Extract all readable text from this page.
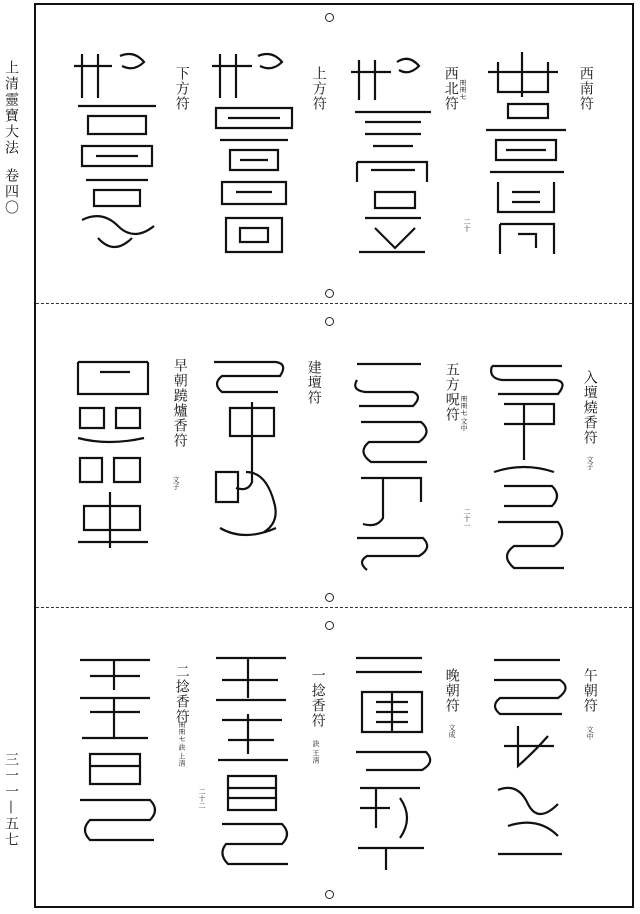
上清靈寶大法
卷四〇
三一一—五七
西南符
西北符 𠕁𠕁七
二十
上方符
下方符
入壇燒香符
文子
五方呪符 𠕁𠕁七 文中
二十一
建壇符
早朝蹺爐香符
文子
午朝符
文中
晚朝符
文成
一捻香符
訣 王清
二十二
二捻香符
𠕁𠕁七 訣 上清
